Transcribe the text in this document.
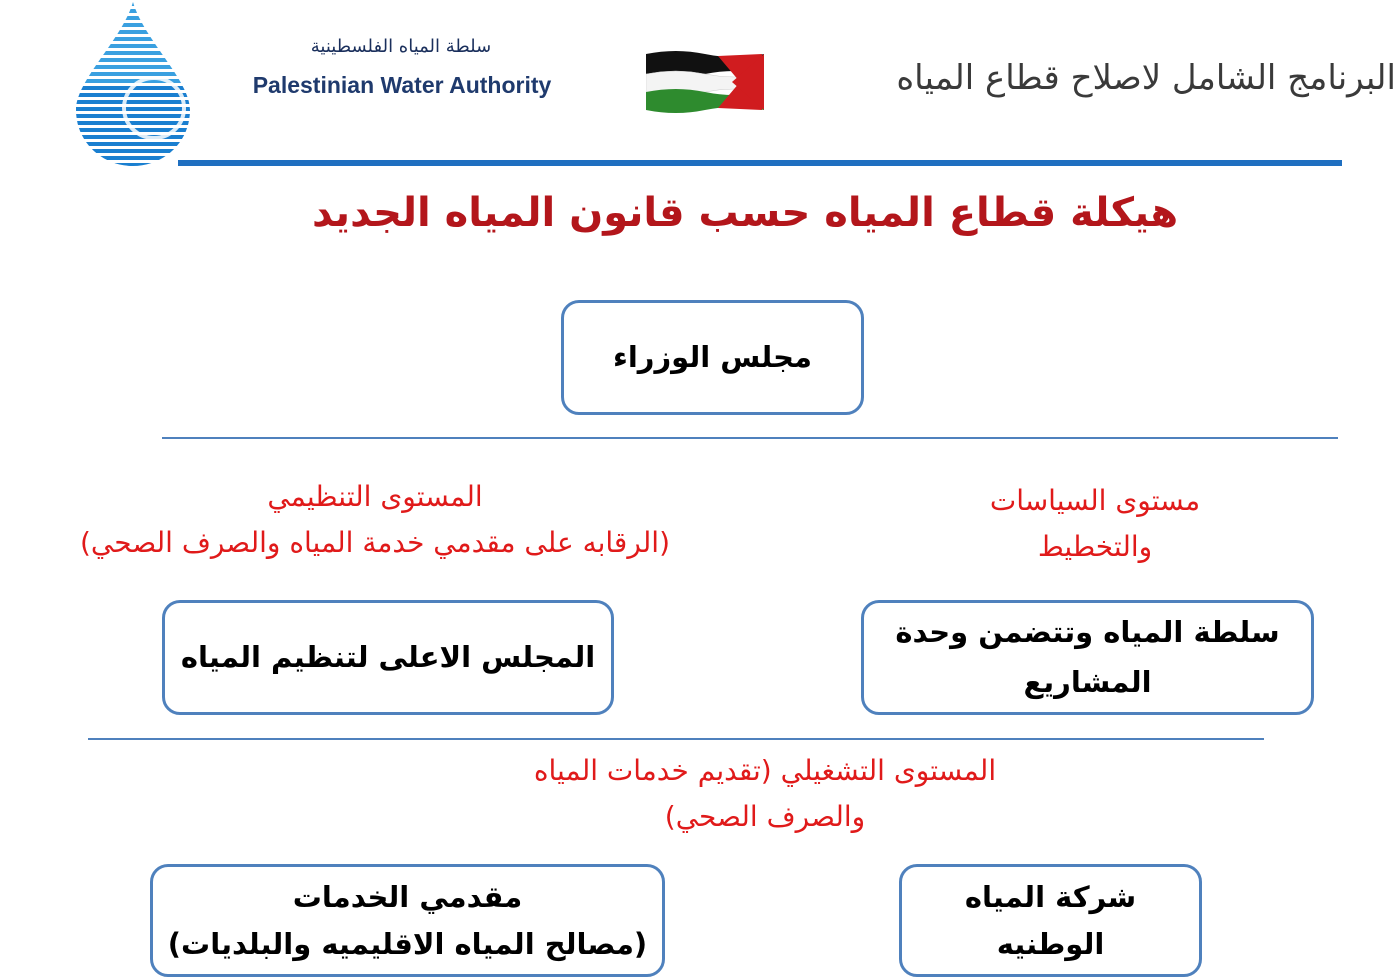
سلطة المياه الفلسطينية
Palestinian Water Authority	البرنامج الشامل لاصلاح قطاع المياه
هيكلة قطاع المياه حسب قانون المياه الجديد
مجلس الوزراء
مستوى السياسات
والتخطيط
المستوى التنظيمي
(الرقابه على مقدمي خدمة المياه والصرف الصحي)
سلطة المياه وتتضمن وحدة
المشاريع
المجلس الاعلى لتنظيم المياه
المستوى التشغيلي (تقديم خدمات المياه
والصرف الصحي)
شركة المياه
الوطنيه
مقدمي الخدمات
(مصالح المياه الاقليميه والبلديات)
